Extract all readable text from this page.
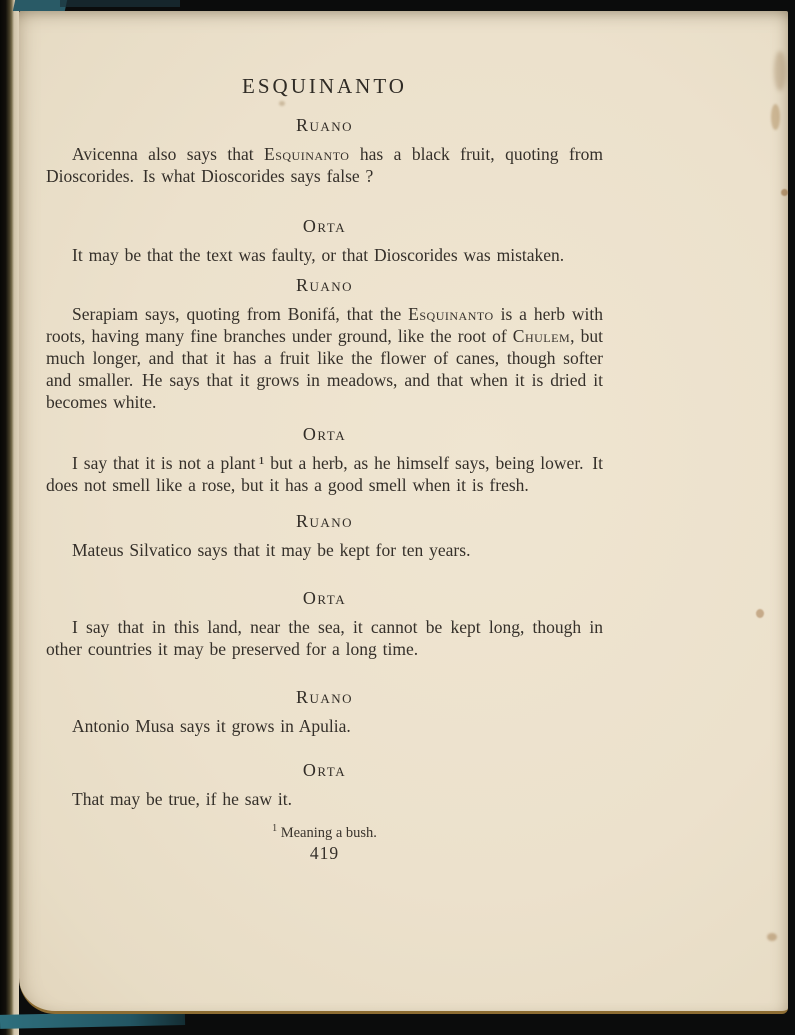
ESQUINANTO
Ruano

Avicenna also says that Esquinanto has a black fruit, quoting from Dioscorides. Is what Dioscorides says false ?

Orta

It may be that the text was faulty, or that Dioscorides was mistaken.

Ruano

Serapiam says, quoting from Bonifá, that the Esquinanto is a herb with roots, having many fine branches under ground, like the root of Chulem, but much longer, and that it has a fruit like the flower of canes, though softer and smaller. He says that it grows in meadows, and that when it is dried it becomes white.

Orta

I say that it is not a plant ¹ but a herb, as he himself says, being lower. It does not smell like a rose, but it has a good smell when it is fresh.

Ruano

Mateus Silvatico says that it may be kept for ten years.

Orta

I say that in this land, near the sea, it cannot be kept long, though in other countries it may be preserved for a long time.

Ruano

Antonio Musa says it grows in Apulia.

Orta

That may be true, if he saw it.

$^1$ Meaning a bush.
419
